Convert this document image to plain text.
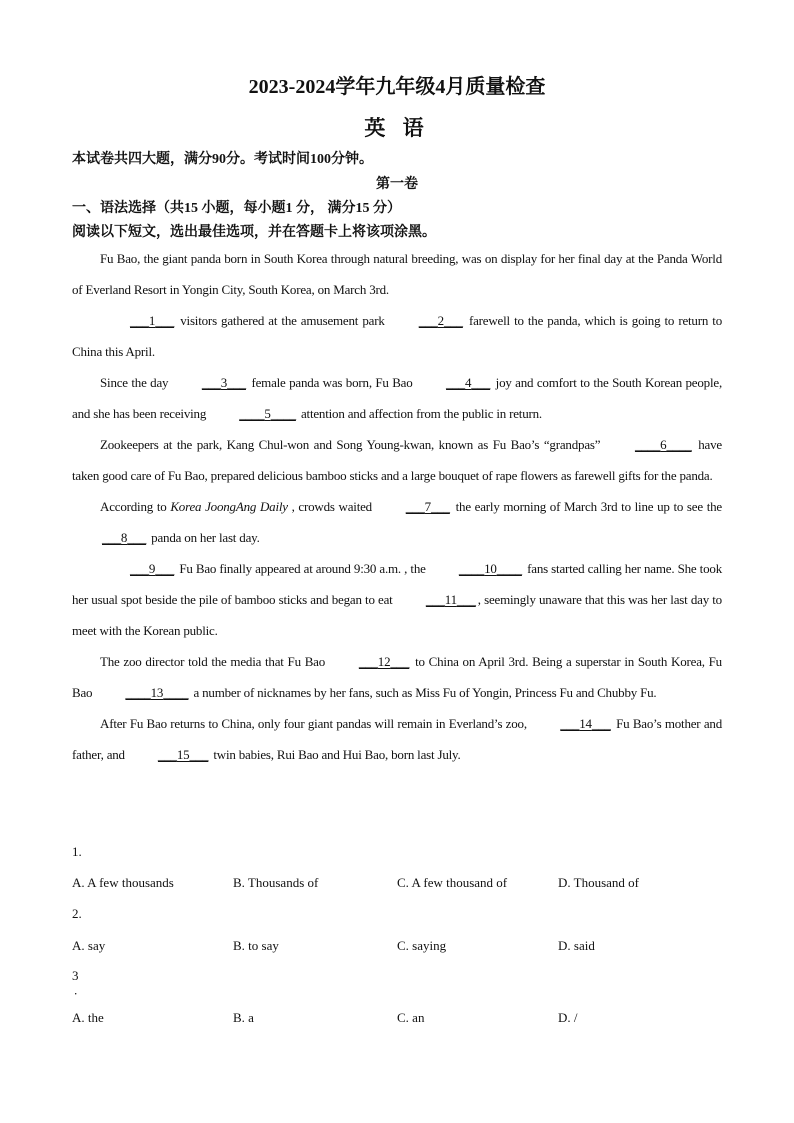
2023-2024学年九年级4月质量检查
英 语
本试卷共四大题，满分90分。考试时间100分钟。
第一卷
一、语法选择（共15 小题，每小题1 分， 满分15 分）
阅读以下短文，选出最佳选项，并在答题卡上将该项涂黑。

Fu Bao, the giant panda born in South Korea through natural breeding, was on display for her final day at the Panda World of Everland Resort in Yongin City, South Korea, on March 3rd.

___1___ visitors gathered at the amusement park ___2___ farewell to the panda, which is going to return to China this April.

Since the day ___3___ female panda was born, Fu Bao ___4___ joy and comfort to the South Korean people, and she has been receiving ____5____ attention and affection from the public in return.

Zookeepers at the park, Kang Chul-won and Song Young-kwan, known as Fu Bao’s “grandpas” ____6____ have taken good care of Fu Bao, prepared delicious bamboo sticks and a large bouquet of rape flowers as farewell gifts for the panda.

According to Korea JoongAng Daily , crowds waited ___7___ the early morning of March 3rd to line up to see the ___8___ panda on her last day.

___9___ Fu Bao finally appeared at around 9:30 a.m. , the ____10____ fans started calling her name. She took her usual spot beside the pile of bamboo sticks and began to eat ___11___ , seemingly unaware that this was her last day to meet with the Korean public.

The zoo director told the media that Fu Bao ___12___ to China on April 3rd. Being a superstar in South Korea, Fu Bao ____13____ a number of nicknames by her fans, such as Miss Fu of Yongin, Princess Fu and Chubby Fu.

After Fu Bao returns to China, only four giant pandas will remain in Everland’s zoo, ___14___ Fu Bao’s mother and father, and ___15___ twin babies, Rui Bao and Hui Bao, born last July.

1.
A. A few thousands	B. Thousands of	C. A few thousand of	D. Thousand of
2.
A. say	B. to say	C. saying	D. said
3
．
A. the	B. a	C. an	D. /
